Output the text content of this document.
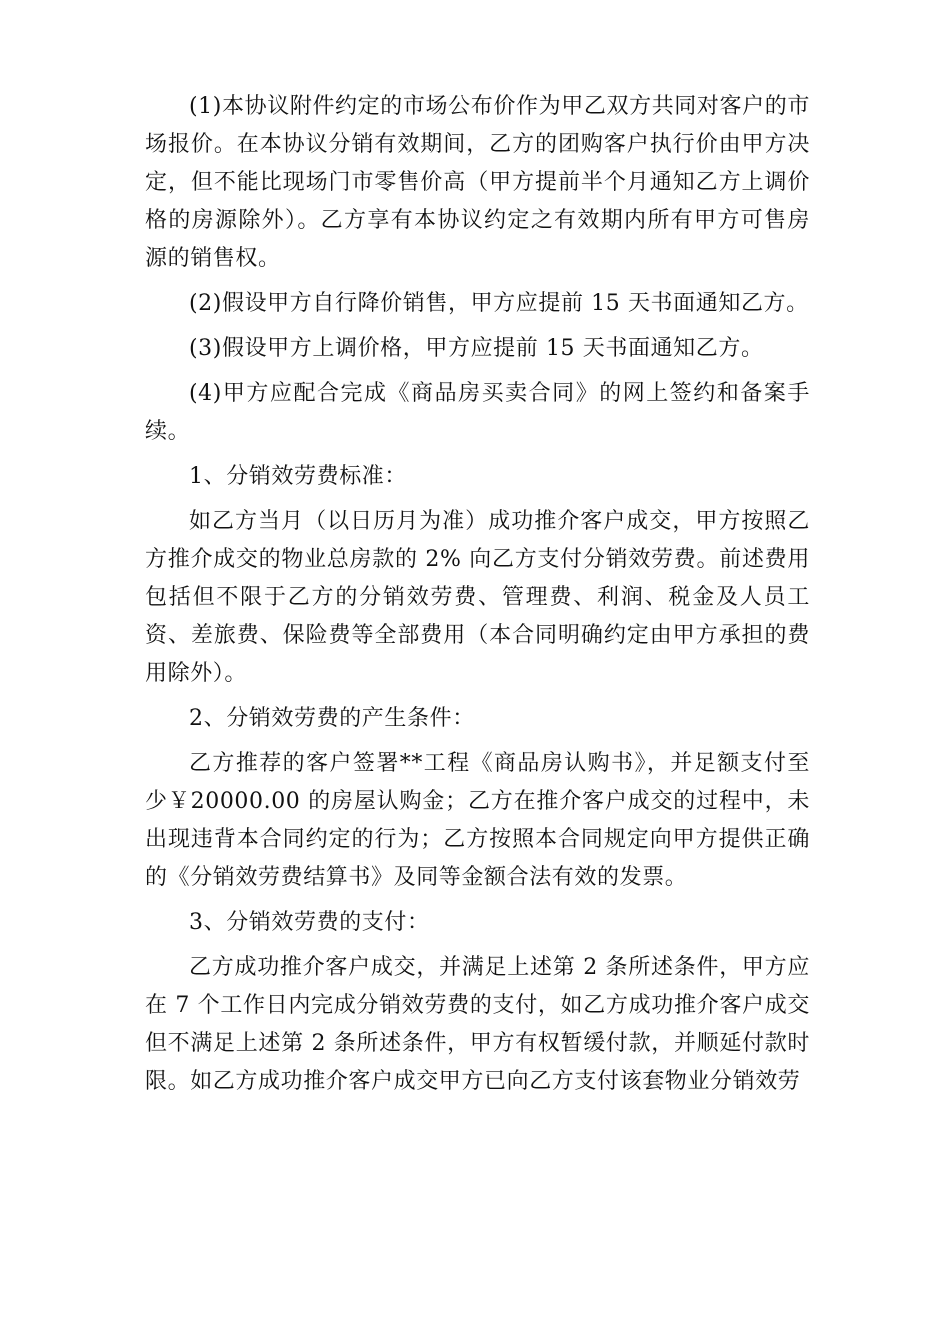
(1)本协议附件约定的市场公布价作为甲乙双方共同对客户的市场报价。在本协议分销有效期间，乙方的团购客户执行价由甲方决定，但不能比现场门市零售价高（甲方提前半个月通知乙方上调价格的房源除外）。乙方享有本协议约定之有效期内所有甲方可售房源的销售权。

(2)假设甲方自行降价销售，甲方应提前 15 天书面通知乙方。

(3)假设甲方上调价格，甲方应提前 15 天书面通知乙方。

(4)甲方应配合完成《商品房买卖合同》的网上签约和备案手续。

1、分销效劳费标准：

如乙方当月（以日历月为准）成功推介客户成交，甲方按照乙方推介成交的物业总房款的 2% 向乙方支付分销效劳费。前述费用包括但不限于乙方的分销效劳费、管理费、利润、税金及人员工资、差旅费、保险费等全部费用（本合同明确约定由甲方承担的费用除外）。

2、分销效劳费的产生条件：

乙方推荐的客户签署**工程《商品房认购书》，并足额支付至少￥20000.00 的房屋认购金；乙方在推介客户成交的过程中，未出现违背本合同约定的行为；乙方按照本合同规定向甲方提供正确的《分销效劳费结算书》及同等金额合法有效的发票。

3、分销效劳费的支付：

乙方成功推介客户成交，并满足上述第 2 条所述条件，甲方应在 7 个工作日内完成分销效劳费的支付，如乙方成功推介客户成交但不满足上述第 2 条所述条件，甲方有权暂缓付款，并顺延付款时限。如乙方成功推介客户成交甲方已向乙方支付该套物业分销效劳
